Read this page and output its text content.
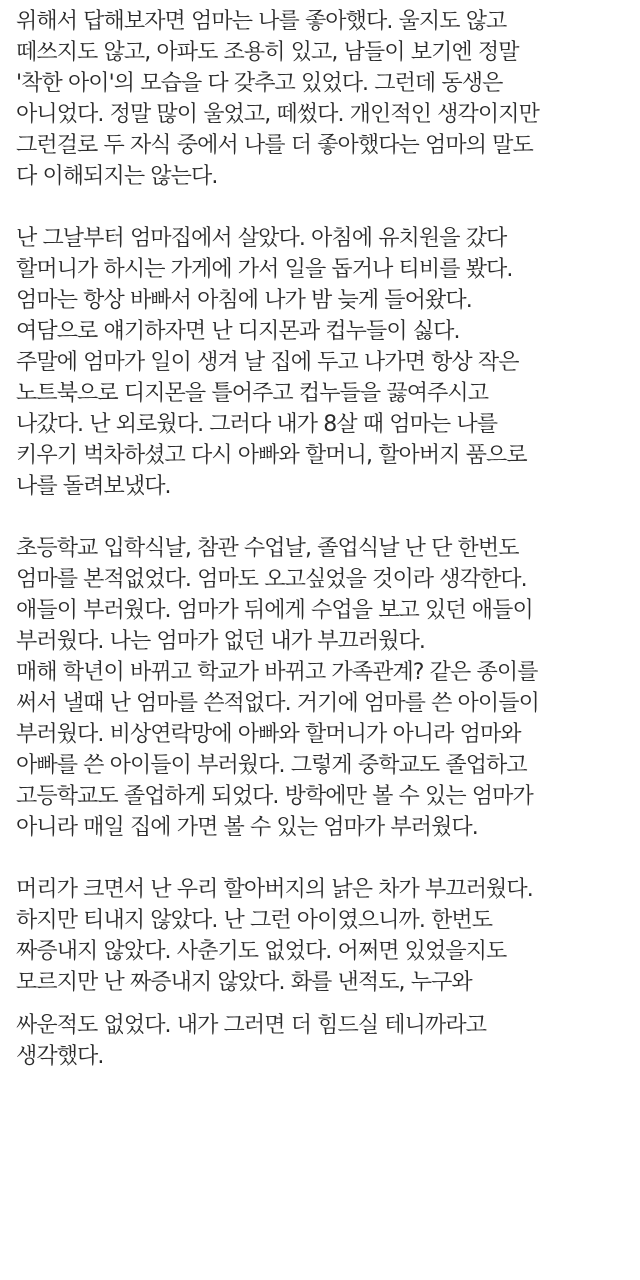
위해서 답해보자면 엄마는 나를 좋아했다. 울지도 않고
떼쓰지도 않고, 아파도 조용히 있고, 남들이 보기엔 정말
'착한 아이'의 모습을 다 갖추고 있었다. 그런데 동생은
아니었다. 정말 많이 울었고, 떼썼다. 개인적인 생각이지만
그런걸로 두 자식 중에서 나를 더 좋아했다는 엄마의 말도
다 이해되지는 않는다.
난 그날부터 엄마집에서 살았다. 아침에 유치원을 갔다
할머니가 하시는 가게에 가서 일을 돕거나 티비를 봤다.
엄마는 항상 바빠서 아침에 나가 밤 늦게 들어왔다.
여담으로 얘기하자면 난 디지몬과 컵누들이 싫다.
주말에 엄마가 일이 생겨 날 집에 두고 나가면 항상 작은
노트북으로 디지몬을 틀어주고 컵누들을 끓여주시고
나갔다. 난 외로웠다. 그러다 내가 8살 때 엄마는 나를
키우기 벅차하셨고 다시 아빠와 할머니, 할아버지 품으로
나를 돌려보냈다.
초등학교 입학식날, 참관 수업날, 졸업식날 난 단 한번도
엄마를 본적없었다. 엄마도 오고싶었을 것이라 생각한다.
애들이 부러웠다. 엄마가 뒤에게 수업을 보고 있던 애들이
부러웠다. 나는 엄마가 없던 내가 부끄러웠다.
매해 학년이 바뀌고 학교가 바뀌고 가족관계? 같은 종이를
써서 낼때 난 엄마를 쓴적없다. 거기에 엄마를 쓴 아이들이
부러웠다. 비상연락망에 아빠와 할머니가 아니라 엄마와
아빠를 쓴 아이들이 부러웠다. 그렇게 중학교도 졸업하고
고등학교도 졸업하게 되었다. 방학에만 볼 수 있는 엄마가
아니라 매일 집에 가면 볼 수 있는 엄마가 부러웠다.
머리가 크면서 난 우리 할아버지의 낡은 차가 부끄러웠다.
하지만 티내지 않았다. 난 그런 아이였으니까. 한번도
짜증내지 않았다. 사춘기도 없었다. 어쩌면 있었을지도
모르지만 난 짜증내지 않았다. 화를 낸적도, 누구와
싸운적도 없었다. 내가 그러면 더 힘드실 테니까라고
생각했다.
